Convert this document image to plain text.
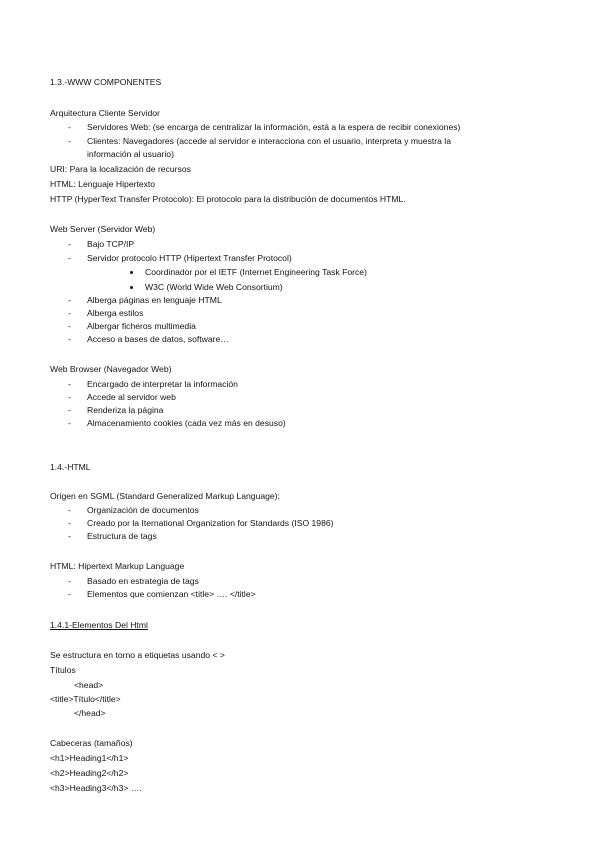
1.3.-WWW COMPONENTES
Arquitectura Cliente Servidor
- Servidores Web: (se encarga de centralizar la información, está a la espera de recibir conexiones)
- Clientes: Navegadores (accede al servidor e interacciona con el usuario, interpreta y muestra la
información al usuario)
URI: Para la localización de recursos
HTML: Lenguaje Hipertexto
HTTP (HyperText Transfer Protocolo): El protocolo para la distribución de documentos HTML.
Web Server (Servidor Web)
- Bajo TCP/IP
- Servidor protocolo HTTP (Hipertext Transfer Protocol)
Coordinador por el IETF (Internet Engineering Task Force)
W3C (World Wide Web Consortium)
- Alberga páginas en lenguaje HTML
- Alberga estilos
- Albergar ficheros multimedia
- Acceso a bases de datos, software…
Web Browser (Navegador Web)
- Encargado de interpretar la información
- Accede al servidor web
- Renderiza la página
- Almacenamiento cookies (cada vez más en desuso)
1.4.-HTML
Origen en SGML (Standard Generalized Markup Language):
- Organización de documentos
- Creado por la Iternational Organization for Standards (ISO 1986)
- Estructura de tags
HTML: Hipertext Markup Language
- Basado en estrategia de tags
- Elementos que comienzan <title> …. </title>
1.4.1-Elementos Del Html
Se estructura en torno a etiquetas usando < >
Títulos
<head>
<title>Título</title>
</head>
Cabeceras (tamaños)
<h1>Heading1</h1>
<h2>Heading2</h2>
<h3>Heading3</h3> ….
